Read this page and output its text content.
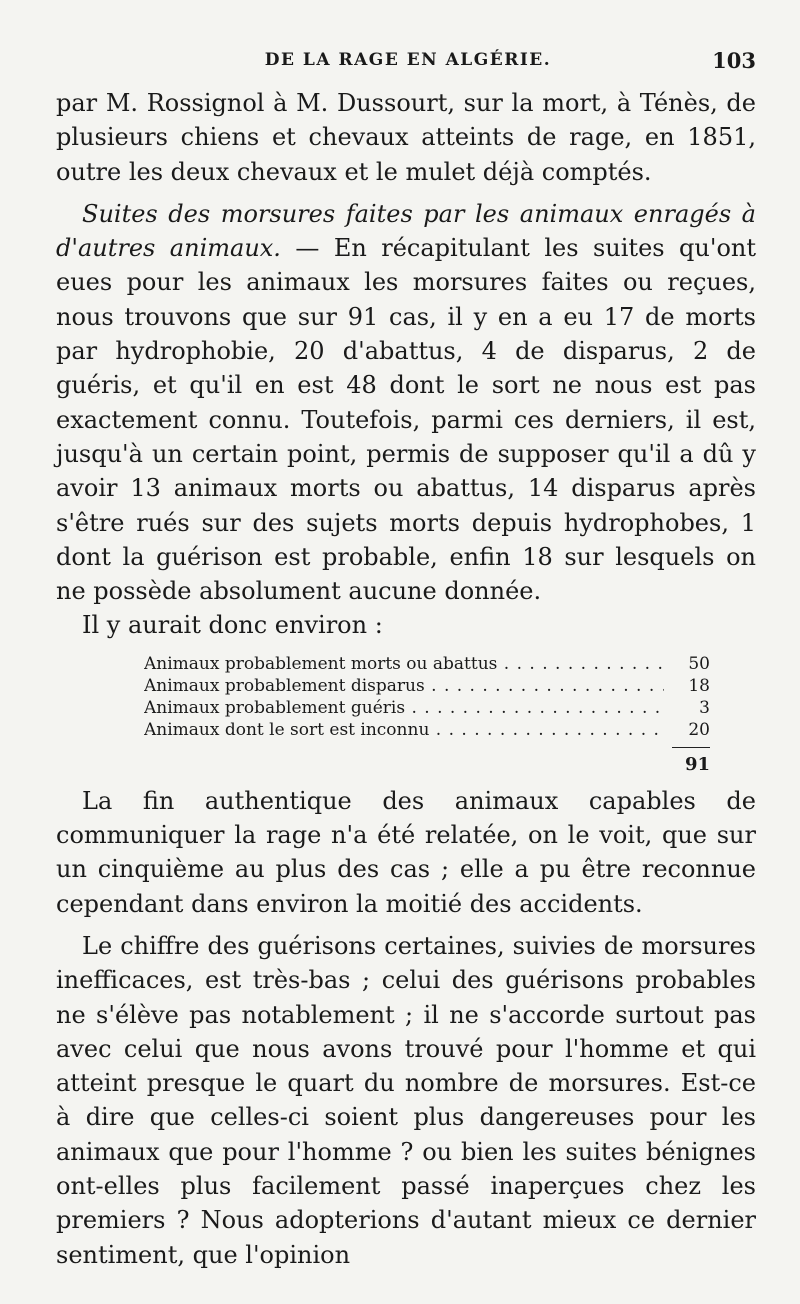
DE LA RAGE EN ALGÉRIE.	103

par M. Rossignol à M. Dussourt, sur la mort, à Ténès, de plusieurs chiens et chevaux atteints de rage, en 1851, outre les deux chevaux et le mulet déjà comptés.

Suites des morsures faites par les animaux enragés à d'autres animaux. — En récapitulant les suites qu'ont eues pour les animaux les morsures faites ou reçues, nous trouvons que sur 91 cas, il y en a eu 17 de morts par hydrophobie, 20 d'abattus, 4 de disparus, 2 de guéris, et qu'il en est 48 dont le sort ne nous est pas exactement connu. Toutefois, parmi ces derniers, il est, jusqu'à un certain point, permis de supposer qu'il a dû y avoir 13 animaux morts ou abattus, 14 disparus après s'être rués sur des sujets morts depuis hydrophobes, 1 dont la guérison est probable, enfin 18 sur lesquels on ne possède absolument aucune donnée.

Il y aurait donc environ :

Animaux probablement morts ou abattus . . .	50
Animaux probablement disparus . . .	18
Animaux probablement guéris . . .	3
Animaux dont le sort est inconnu . . .	20
91

La fin authentique des animaux capables de communiquer la rage n'a été relatée, on le voit, que sur un cinquième au plus des cas ; elle a pu être reconnue cependant dans environ la moitié des accidents.

Le chiffre des guérisons certaines, suivies de morsures inefficaces, est très-bas ; celui des guérisons probables ne s'élève pas notablement ; il ne s'accorde surtout pas avec celui que nous avons trouvé pour l'homme et qui atteint presque le quart du nombre de morsures. Est-ce à dire que celles-ci soient plus dangereuses pour les animaux que pour l'homme ? ou bien les suites bénignes ont-elles plus facilement passé inaperçues chez les premiers ? Nous adopterions d'autant mieux ce dernier sentiment, que l'opinion
